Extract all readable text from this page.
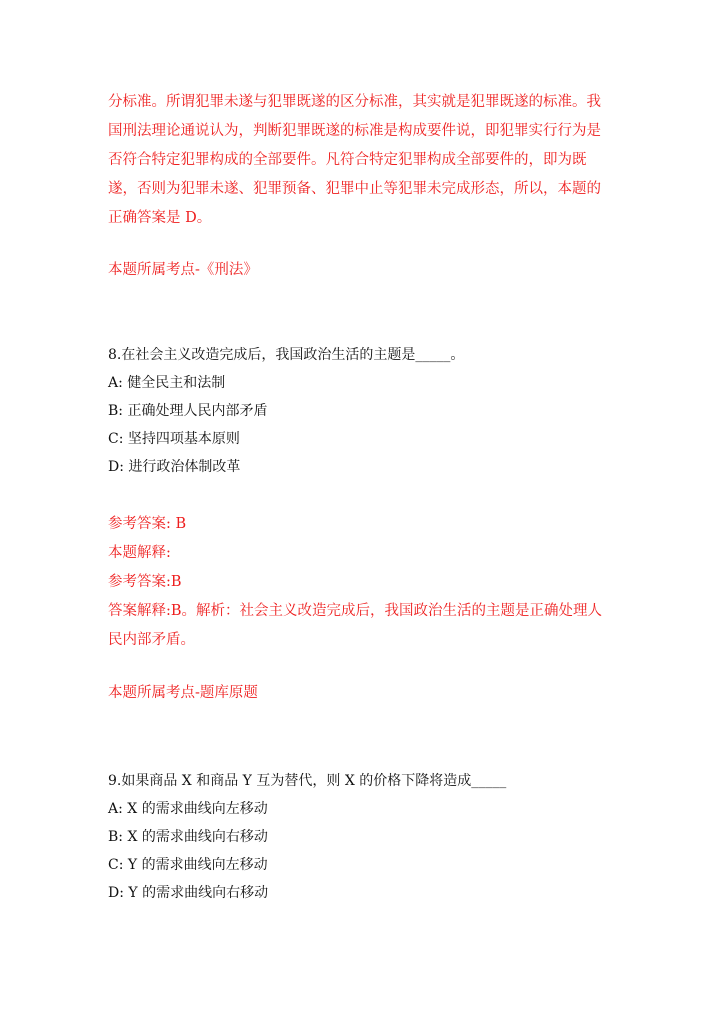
分标准。所谓犯罪未遂与犯罪既遂的区分标准，其实就是犯罪既遂的标准。我
国刑法理论通说认为，判断犯罪既遂的标准是构成要件说，即犯罪实行行为是
否符合特定犯罪构成的全部要件。凡符合特定犯罪构成全部要件的，即为既
遂，否则为犯罪未遂、犯罪预备、犯罪中止等犯罪未完成形态，所以，本题的
正确答案是 D。
本题所属考点-《刑法》
8.在社会主义改造完成后，我国政治生活的主题是_____。
A: 健全民主和法制
B: 正确处理人民内部矛盾
C: 坚持四项基本原则
D: 进行政治体制改革
参考答案: B
本题解释:
参考答案:B
答案解释:B。解析：社会主义改造完成后，我国政治生活的主题是正确处理人
民内部矛盾。
本题所属考点-题库原题
9.如果商品 X 和商品 Y 互为替代，则 X 的价格下降将造成_____
A: X 的需求曲线向左移动
B: X 的需求曲线向右移动
C: Y 的需求曲线向左移动
D: Y 的需求曲线向右移动
